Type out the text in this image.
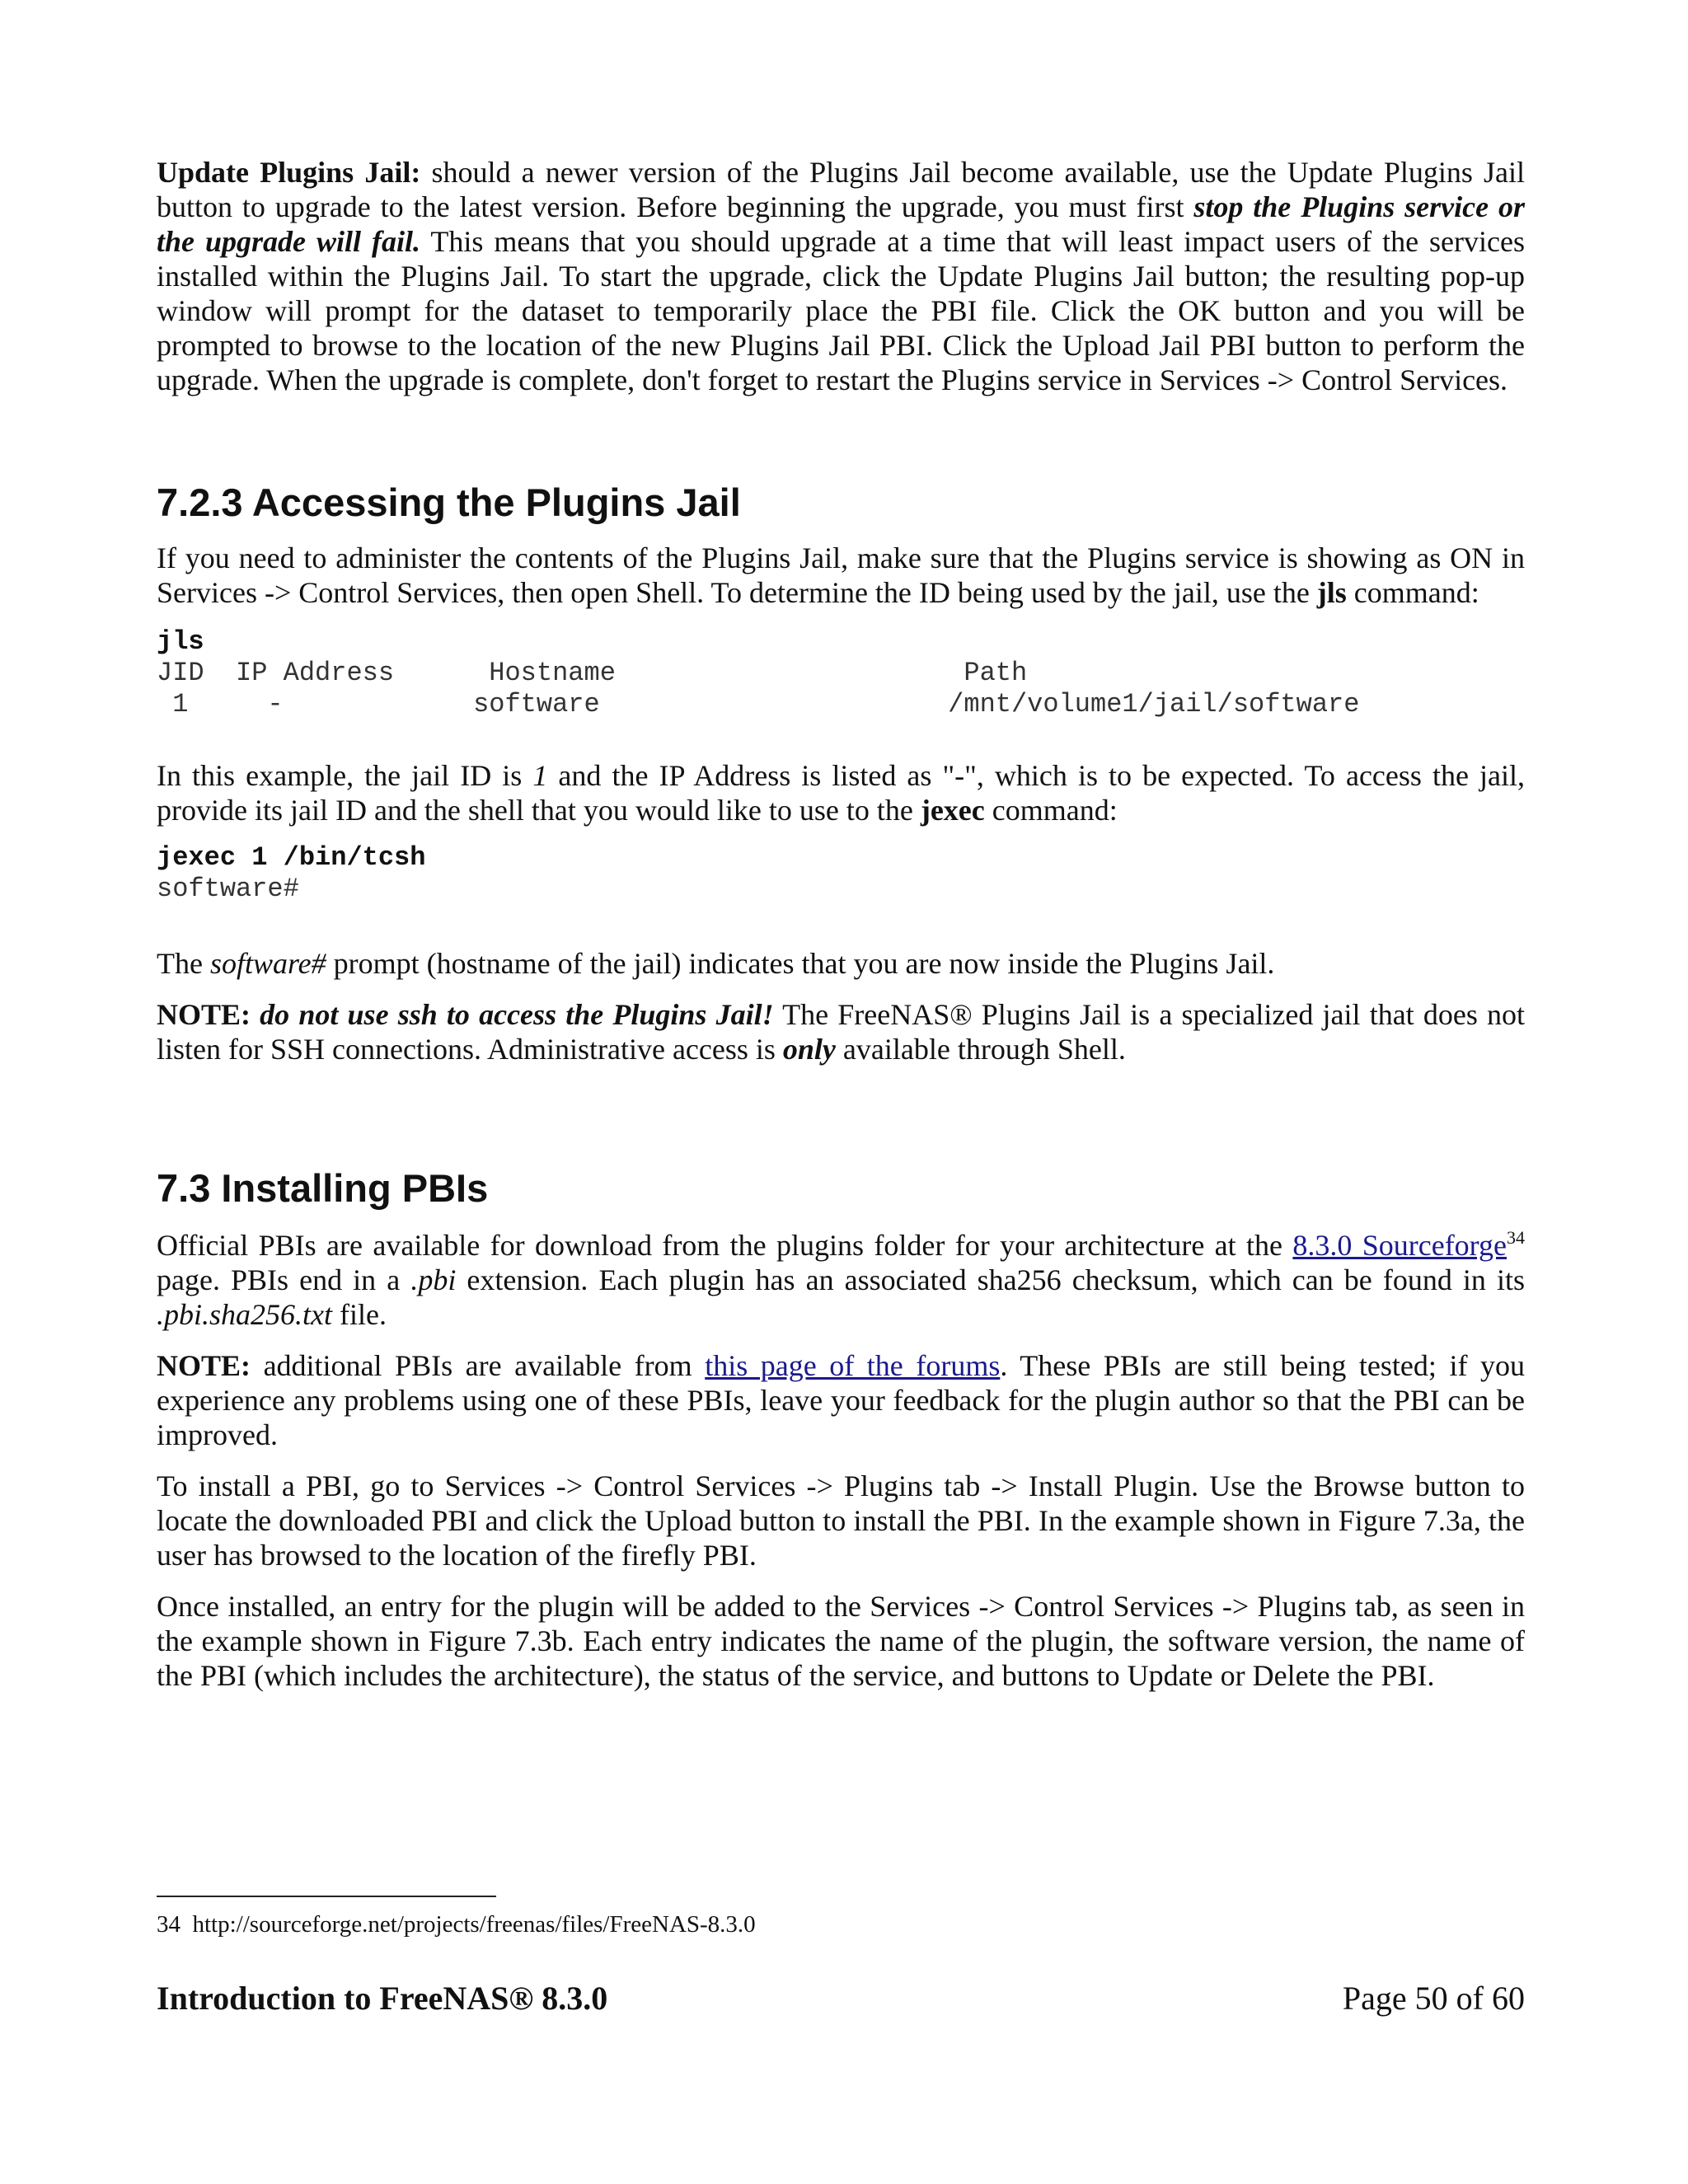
Update Plugins Jail: should a newer version of the Plugins Jail become available, use the Update Plugins Jail button to upgrade to the latest version. Before beginning the upgrade, you must first stop the Plugins service or the upgrade will fail. This means that you should upgrade at a time that will least impact users of the services installed within the Plugins Jail. To start the upgrade, click the Update Plugins Jail button; the resulting pop-up window will prompt for the dataset to temporarily place the PBI file. Click the OK button and you will be prompted to browse to the location of the new Plugins Jail PBI. Click the Upload Jail PBI button to perform the upgrade. When the upgrade is complete, don't forget to restart the Plugins service in Services -> Control Services.

7.2.3 Accessing the Plugins Jail

If you need to administer the contents of the Plugins Jail, make sure that the Plugins service is showing as ON in Services -> Control Services, then open Shell. To determine the ID being used by the jail, use the jls command:

jls
JID  IP Address      Hostname                      Path
1     -            software                      /mnt/volume1/jail/software

In this example, the jail ID is 1 and the IP Address is listed as "-", which is to be expected. To access the jail, provide its jail ID and the shell that you would like to use to the jexec command:

jexec 1 /bin/tcsh
software#

The software# prompt (hostname of the jail) indicates that you are now inside the Plugins Jail.

NOTE: do not use ssh to access the Plugins Jail! The FreeNAS® Plugins Jail is a specialized jail that does not listen for SSH connections. Administrative access is only available through Shell.

7.3 Installing PBIs

Official PBIs are available for download from the plugins folder for your architecture at the 8.3.0 Sourceforge$^{34}$ page. PBIs end in a .pbi extension. Each plugin has an associated sha256 checksum, which can be found in its .pbi.sha256.txt file.

NOTE: additional PBIs are available from this page of the forums. These PBIs are still being tested; if you experience any problems using one of these PBIs, leave your feedback for the plugin author so that the PBI can be improved.

To install a PBI, go to Services -> Control Services -> Plugins tab -> Install Plugin. Use the Browse button to locate the downloaded PBI and click the Upload button to install the PBI. In the example shown in Figure 7.3a, the user has browsed to the location of the firefly PBI.

Once installed, an entry for the plugin will be added to the Services -> Control Services -> Plugins tab, as seen in the example shown in Figure 7.3b. Each entry indicates the name of the plugin, the software version, the name of the PBI (which includes the architecture), the status of the service, and buttons to Update or Delete the PBI.

34 http://sourceforge.net/projects/freenas/files/FreeNAS-8.3.0
Introduction to FreeNAS® 8.3.0	Page 50 of 60
